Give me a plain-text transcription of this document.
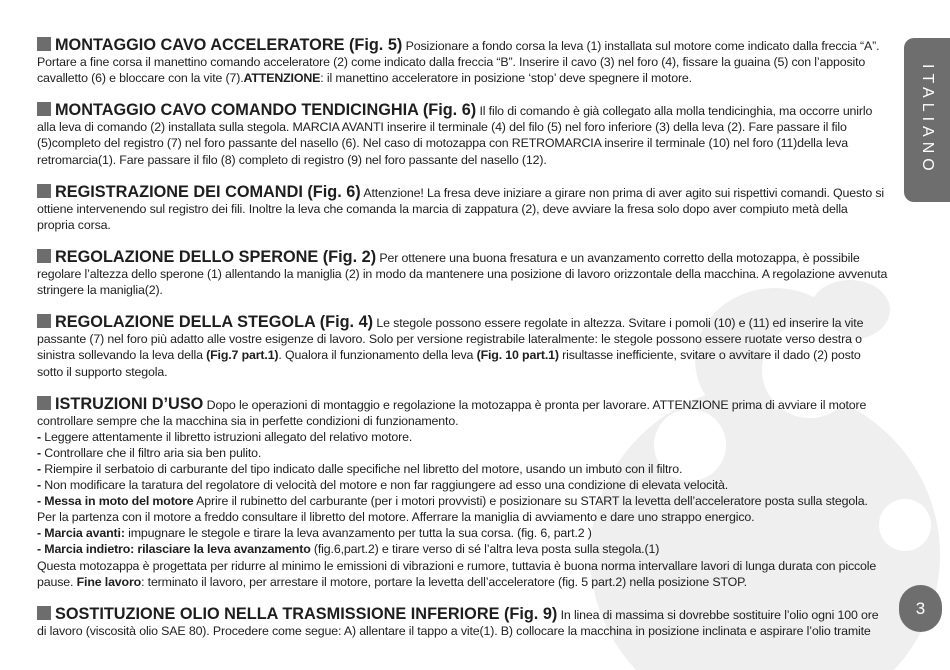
MONTAGGIO CAVO ACCELERATORE (Fig. 5) Posizionare a fondo corsa la leva (1) installata sul motore come indicato dalla freccia “A”. Portare a fine corsa il manettino comando acceleratore (2) come indicato dalla freccia “B”. Inserire il cavo (3) nel foro (4), fissare la guaina (5) con l’apposito cavalletto (6) e bloccare con la vite (7).ATTENZIONE: il manettino acceleratore in posizione ‘stop’ deve spegnere il motore.

MONTAGGIO CAVO COMANDO TENDICINGHIA (Fig. 6) Il filo di comando è già collegato alla molla tendicinghia, ma occorre unirlo alla leva di comando (2) installata sulla stegola. MARCIA AVANTI inserire il terminale (4) del filo (5) nel foro inferiore (3) della leva (2). Fare passare il filo (5)completo del registro (7) nel foro passante del nasello (6). Nel caso di motozappa con RETROMARCIA inserire il terminale (10) nel foro (11)della leva retromarcia(1). Fare passare il filo (8) completo di registro (9) nel foro passante del nasello (12).

REGISTRAZIONE DEI COMANDI (Fig. 6) Attenzione! La fresa deve iniziare a girare non prima di aver agito sui rispettivi comandi. Questo si ottiene intervenendo sul registro dei fili. Inoltre la leva che comanda la marcia di zappatura (2), deve avviare la fresa solo dopo aver compiuto metà della propria corsa.

REGOLAZIONE DELLO SPERONE (Fig. 2) Per ottenere una buona fresatura e un avanzamento corretto della motozappa, è possibile regolare l’altezza dello sperone (1) allentando la maniglia (2) in modo da mantenere una posizione di lavoro orizzontale della macchina. A regolazione avvenuta stringere la maniglia(2).

REGOLAZIONE DELLA STEGOLA (Fig. 4) Le stegole possono essere regolate in altezza. Svitare i pomoli (10) e (11) ed inserire la vite passante (7) nel foro più adatto alle vostre esigenze di lavoro. Solo per versione registrabile lateralmente: le stegole possono essere ruotate verso destra o sinistra sollevando la leva della (Fig.7 part.1). Qualora il funzionamento della leva (Fig. 10 part.1) risultasse inefficiente, svitare o avvitare il dado (2) posto sotto il supporto stegola.

ISTRUZIONI D’USO Dopo le operazioni di montaggio e regolazione la motozappa è pronta per lavorare. ATTENZIONE prima di avviare il motore controllare sempre che la macchina sia in perfette condizioni di funzionamento.

- Leggere attentamente il libretto istruzioni allegato del relativo motore.

- Controllare che il filtro aria sia ben pulito.

- Riempire il serbatoio di carburante del tipo indicato dalle specifiche nel libretto del motore, usando un imbuto con il filtro.

- Non modificare la taratura del regolatore di velocità del motore e non far raggiungere ad esso una condizione di elevata velocità.

- Messa in moto del motore Aprire il rubinetto del carburante (per i motori provvisti) e posizionare su START la levetta dell’acceleratore posta sulla stegola. Per la partenza con il motore a freddo consultare il libretto del motore. Afferrare la maniglia di avviamento e dare uno strappo energico.

- Marcia avanti: impugnare le stegole e tirare la leva avanzamento per tutta la sua corsa. (fig. 6, part.2 )

- Marcia indietro: rilasciare la leva avanzamento (fig.6,part.2) e tirare verso di sé l’altra leva posta sulla stegola.(1)

Questa motozappa è progettata per ridurre al minimo le emissioni di vibrazioni e rumore, tuttavia è buona norma intervallare lavori di lunga durata con piccole pause. Fine lavoro: terminato il lavoro, per arrestare il motore, portare la levetta dell’acceleratore (fig. 5 part.2) nella posizione STOP.

SOSTITUZIONE OLIO NELLA TRASMISSIONE INFERIORE (Fig. 9) In linea di massima si dovrebbe sostituire l’olio ogni 100 ore di lavoro (viscosità olio SAE 80). Procedere come segue: A) allentare il tappo a vite(1). B) collocare la macchina in posizione inclinata e aspirare l’olio tramite

ITALIANO
3
